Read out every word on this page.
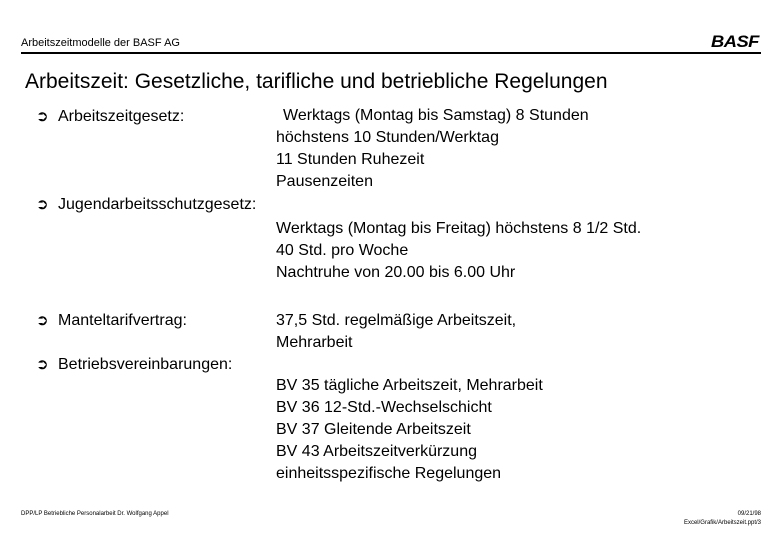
Arbeitszeitmodelle der BASF AG	BASF
Arbeitszeit: Gesetzliche, tarifliche und betriebliche Regelungen
➲ Arbeitszeitgesetz:	Werktags (Montag bis Samstag) 8 Stunden
höchstens 10 Stunden/Werktag
11 Stunden Ruhezeit
Pausenzeiten
➲ Jugendarbeitsschutzgesetz:
Werktags (Montag bis Freitag) höchstens 8 1/2 Std.
40 Std. pro Woche
Nachtruhe von 20.00 bis 6.00 Uhr
➲ Manteltarifvertrag:	37,5 Std. regelmäßige Arbeitszeit,
Mehrarbeit
➲ Betriebsvereinbarungen:
BV 35 tägliche Arbeitszeit, Mehrarbeit
BV 36 12-Std.-Wechselschicht
BV 37 Gleitende Arbeitszeit
BV 43 Arbeitszeitverkürzung
einheitsspezifische Regelungen
DPP/LP Betriebliche Personalarbeit Dr. Wolfgang Appel	09/21/98
Excel/Grafik/Arbeitszeit.ppt/3
